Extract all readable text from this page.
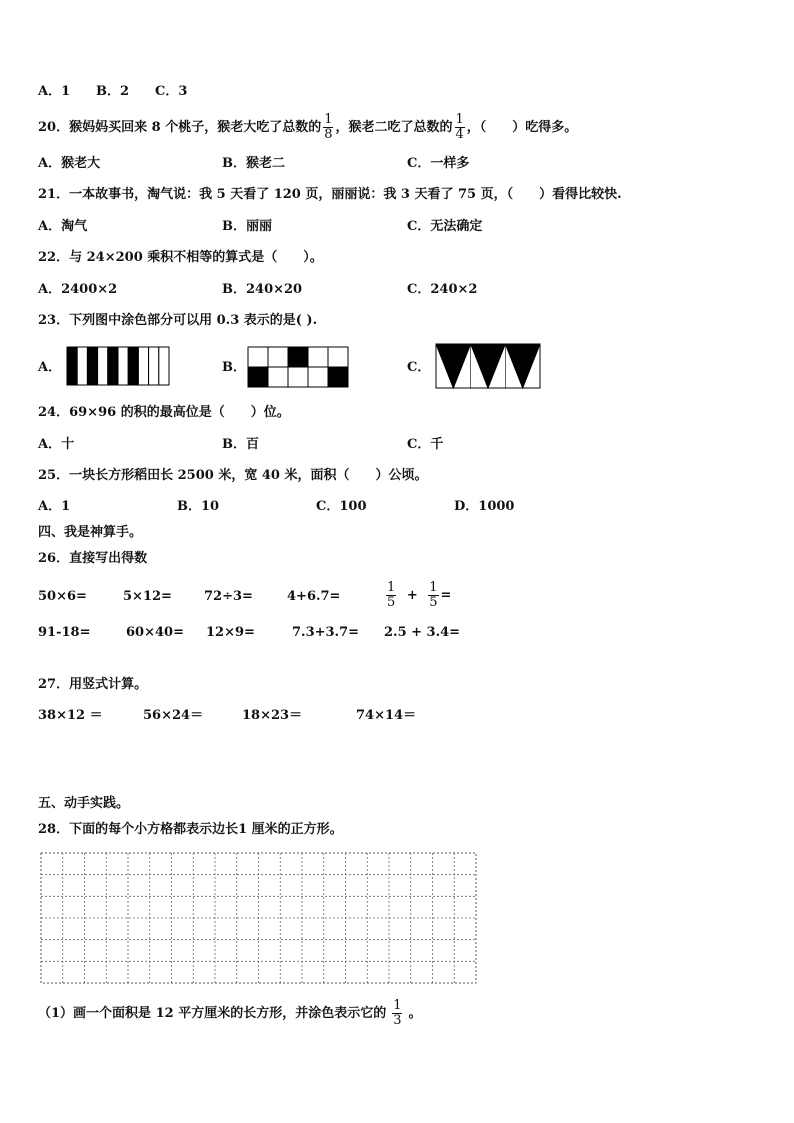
A．1 B．2 C．3
20．猴妈妈买回来 8 个桃子，猴老大吃了总数的 $\frac{1}{8}$ ，猴老二吃了总数的 $\frac{1}{4}$ ，（　　）吃得多。
A．猴老大	B．猴老二	C．一样多
21．一本故事书，淘气说：我 5 天看了 120 页，丽丽说：我 3 天看了 75 页，（　　）看得比较快.
A．淘气	B．丽丽	C．无法确定
22．与 24×200 乘积不相等的算式是（　　）。
A．2400×2	B．240×20	C．240×2
23．下列图中涂色部分可以用 0.3 表示的是( ).
A．	B．	C．
24．69×96 的积的最高位是（　　）位。
A．十	B．百	C．千
25．一块长方形稻田长 2500 米，宽 40 米，面积（　　）公顷。
A．1	B．10	C．100	D．1000
四、我是神算手。
26．直接写出得数
50×6=	5×12= 72÷3=	4+6.7=	$\frac{1}{5} + \frac{1}{5}$ =
91-18=	60×40= 12×9=	7.3+3.7= 2.5 + 3.4=
27．用竖式计算。
38×12 ＝	56×24＝	18×23＝	74×14＝
五、动手实践。
28．下面的每个小方格都表示边长1 厘米的正方形。
（1）画一个面积是 12 平方厘米的长方形，并涂色表示它的 $\frac{1}{3}$ 。
